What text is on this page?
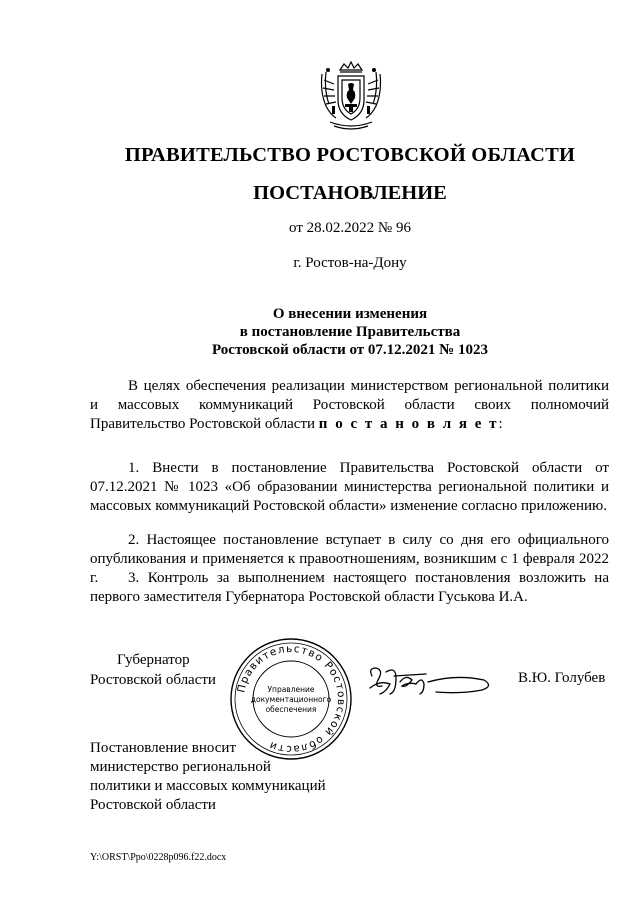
ПРАВИТЕЛЬСТВО РОСТОВСКОЙ ОБЛАСТИ
ПОСТАНОВЛЕНИЕ
от 28.02.2022 № 96
г. Ростов-на-Дону
О внесении изменения
в постановление Правительства
Ростовской области от 07.12.2021 № 1023
В целях обеспечения реализации министерством региональной политики и массовых коммуникаций Ростовской области своих полномочий Правительство Ростовской области п о с т а н о в л я е т:
1. Внести в постановление Правительства Ростовской области от 07.12.2021 № 1023 «Об образовании министерства региональной политики и массовых коммуникаций Ростовской области» изменение согласно приложению.
2. Настоящее постановление вступает в силу со дня его официального опубликования и применяется к правоотношениям, возникшим с 1 февраля 2022 г.	3. Контроль за выполнением настоящего постановления возложить на первого заместителя Губернатора Ростовской области Гуськова И.А.
Губернатор
Ростовской области Правительство Ростовской области
Управление
документационного
обеспечения
В.Ю. Голубев
Постановление вносит
министерство региональной
политики и массовых коммуникаций
Ростовской области
Y:\ORST\Ppo\0228p096.f22.docx
